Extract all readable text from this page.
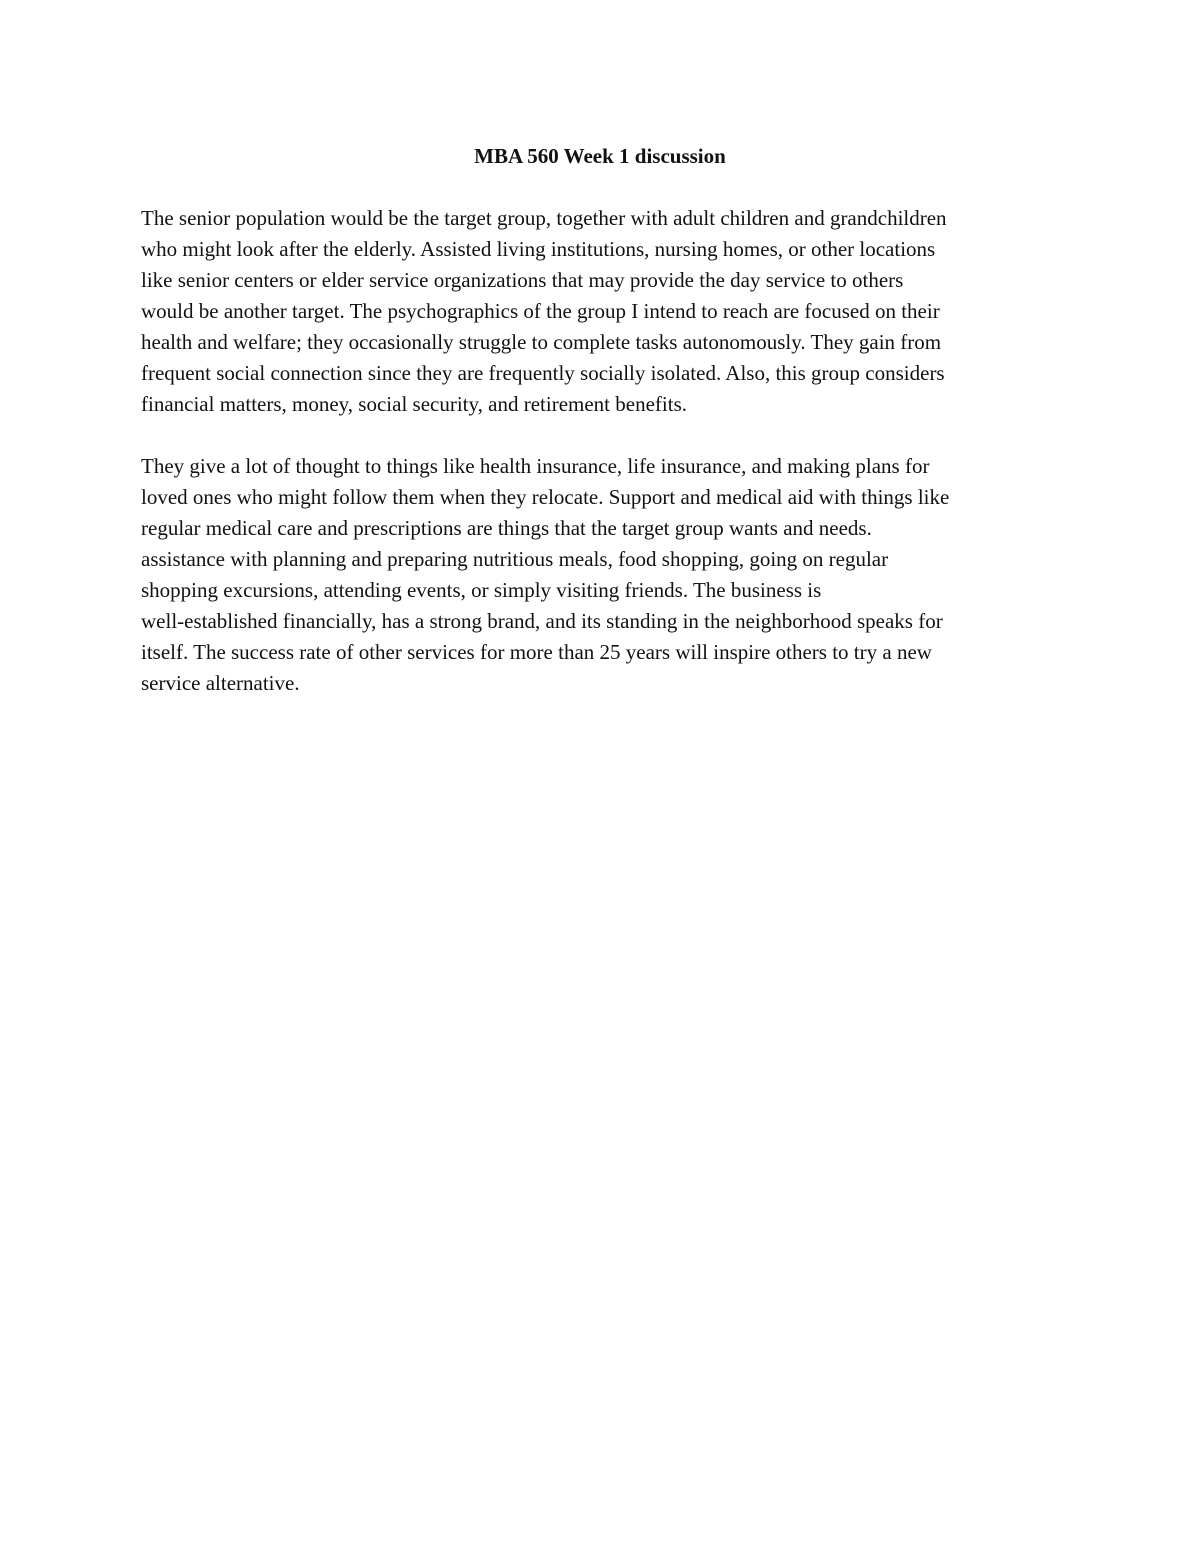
MBA 560 Week 1 discussion

The senior population would be the target group, together with adult children and grandchildren

who might look after the elderly. Assisted living institutions, nursing homes, or other locations

like senior centers or elder service organizations that may provide the day service to others

would be another target. The psychographics of the group I intend to reach are focused on their

health and welfare; they occasionally struggle to complete tasks autonomously. They gain from

frequent social connection since they are frequently socially isolated. Also, this group considers

financial matters, money, social security, and retirement benefits.

They give a lot of thought to things like health insurance, life insurance, and making plans for

loved ones who might follow them when they relocate. Support and medical aid with things like

regular medical care and prescriptions are things that the target group wants and needs.

assistance with planning and preparing nutritious meals, food shopping, going on regular

shopping excursions, attending events, or simply visiting friends. The business is

well-established financially, has a strong brand, and its standing in the neighborhood speaks for

itself. The success rate of other services for more than 25 years will inspire others to try a new

service alternative.
